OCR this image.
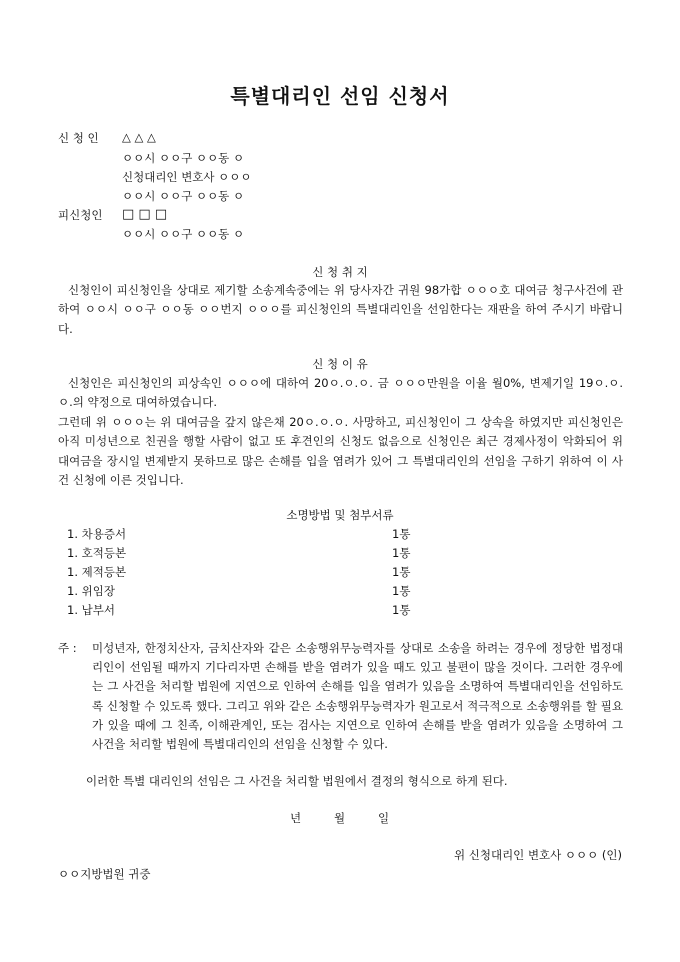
특별대리인 선임 신청서
신 청 인 △ △ △
ㅇㅇ시 ㅇㅇ구 ㅇㅇ동 ㅇ
신청대리인 변호사 ㅇㅇㅇ
ㅇㅇ시 ㅇㅇ구 ㅇㅇ동 ㅇ
피신청인 □ □ □
ㅇㅇ시 ㅇㅇ구 ㅇㅇ동 ㅇ
신 청 취 지

신청인이 피신청인을 상대로 제기할 소송계속중에는 위 당사자간 귀원 98가합 ㅇㅇㅇ호 대여금 청구사건에 관하여 ㅇㅇ시 ㅇㅇ구 ㅇㅇ동 ㅇㅇ번지 ㅇㅇㅇ를 피신청인의 특별대리인을 선임한다는 재판을 하여 주시기 바랍니다.

신 청 이 유

신청인은 피신청인의 피상속인 ㅇㅇㅇ에 대하여 20ㅇ.ㅇ.ㅇ. 금 ㅇㅇㅇ만원을 이율 월0%, 변제기일 19ㅇ.ㅇ.ㅇ.의 약정으로 대여하였습니다.

그런데 위 ㅇㅇㅇ는 위 대여금을 갚지 않은채 20ㅇ.ㅇ.ㅇ. 사망하고, 피신청인이 그 상속을 하였지만 피신청인은 아직 미성년으로 친권을 행할 사람이 없고 또 후견인의 신청도 없음으로 신청인은 최근 경제사정이 악화되어 위 대여금을 장시일 변제받지 못하므로 많은 손해를 입을 염려가 있어 그 특별대리인의 선임을 구하기 위하여 이 사건 신청에 이른 것입니다.

소명방법 및 첨부서류
1. 차용증서	1통
1. 호적등본	1통
1. 제적등본	1통
1. 위임장	1통
1. 납부서	1통
주 : 미성년자, 한정치산자, 금치산자와 같은 소송행위무능력자를 상대로 소송을 하려는 경우에 정당한 법정대리인이 선임될 때까지 기다리자면 손해를 받을 염려가 있을 때도 있고 불편이 많을 것이다. 그러한 경우에는 그 사건을 처리할 법원에 지연으로 인하여 손해를 입을 염려가 있음을 소명하여 특별대리인을 선임하도록 신청할 수 있도록 했다. 그리고 위와 같은 소송행위무능력자가 원고로서 적극적으로 소송행위를 할 필요가 있을 때에 그 친족, 이해관계인, 또는 검사는 지연으로 인하여 손해를 받을 염려가 있음을 소명하여 그 사건을 처리할 법원에 특별대리인의 선임을 신청할 수 있다.
이러한 특별 대리인의 선임은 그 사건을 처리할 법원에서 결정의 형식으로 하게 된다.
년	월	일
위 신청대리인 변호사 ㅇㅇㅇ (인)
ㅇㅇ지방법원 귀중
